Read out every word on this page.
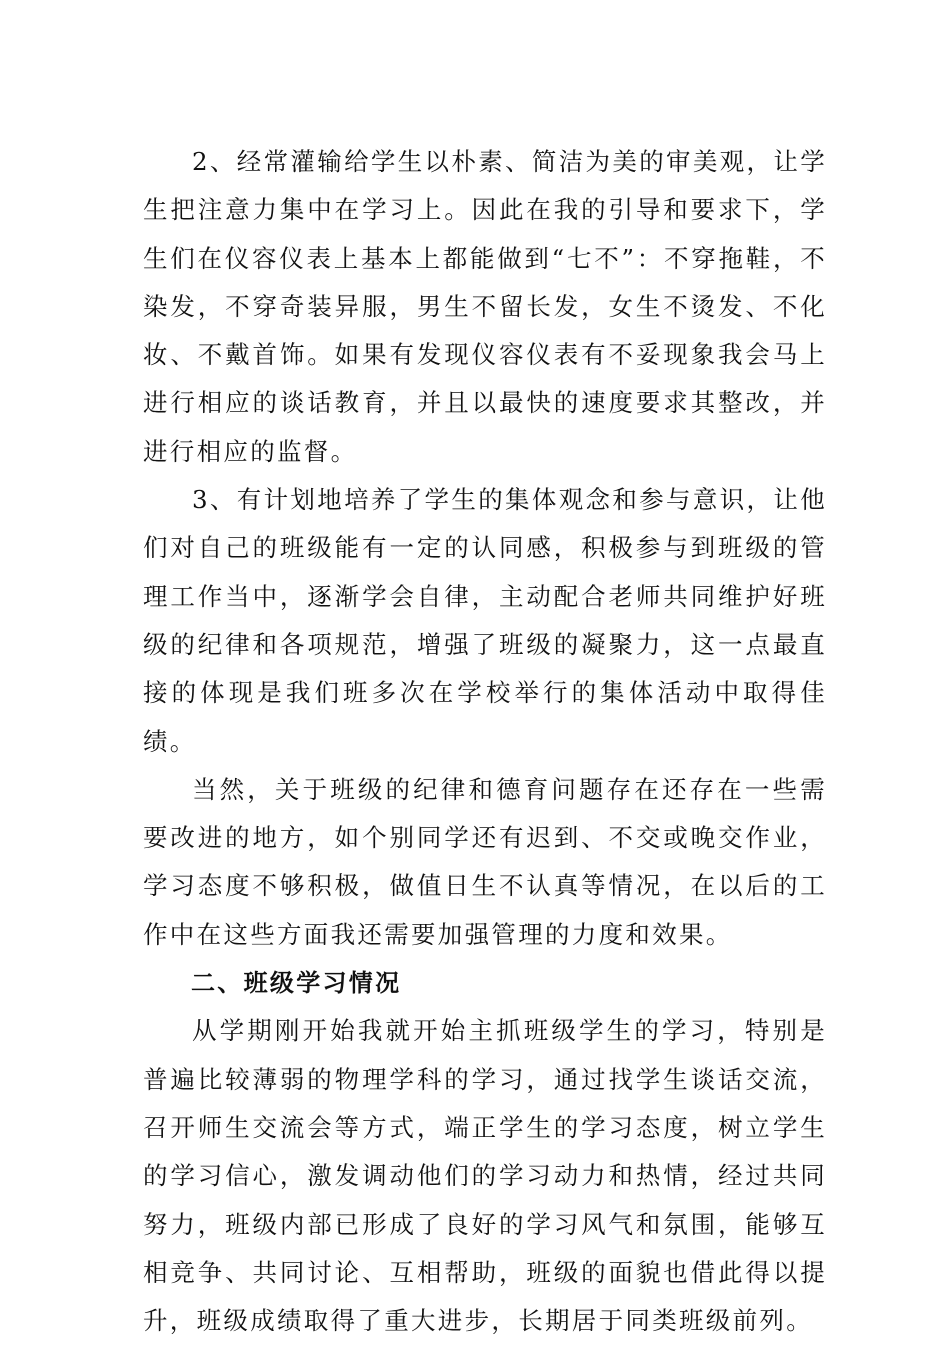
2、经常灌输给学生以朴素、简洁为美的审美观，让学生把注意力集中在学习上。因此在我的引导和要求下，学生们在仪容仪表上基本上都能做到“七不”：不穿拖鞋，不染发，不穿奇装异服，男生不留长发，女生不烫发、不化妆、不戴首饰。如果有发现仪容仪表有不妥现象我会马上进行相应的谈话教育，并且以最快的速度要求其整改，并进行相应的监督。

3、有计划地培养了学生的集体观念和参与意识，让他们对自己的班级能有一定的认同感，积极参与到班级的管理工作当中，逐渐学会自律，主动配合老师共同维护好班级的纪律和各项规范，增强了班级的凝聚力，这一点最直接的体现是我们班多次在学校举行的集体活动中取得佳绩。

当然，关于班级的纪律和德育问题存在还存在一些需要改进的地方，如个别同学还有迟到、不交或晚交作业，学习态度不够积极，做值日生不认真等情况，在以后的工作中在这些方面我还需要加强管理的力度和效果。

二、班级学习情况

从学期刚开始我就开始主抓班级学生的学习，特别是普遍比较薄弱的物理学科的学习，通过找学生谈话交流，召开师生交流会等方式，端正学生的学习态度，树立学生的学习信心，激发调动他们的学习动力和热情，经过共同努力，班级内部已形成了良好的学习风气和氛围，能够互相竞争、共同讨论、互相帮助，班级的面貌也借此得以提升，班级成绩取得了重大进步，长期居于同类班级前列。
